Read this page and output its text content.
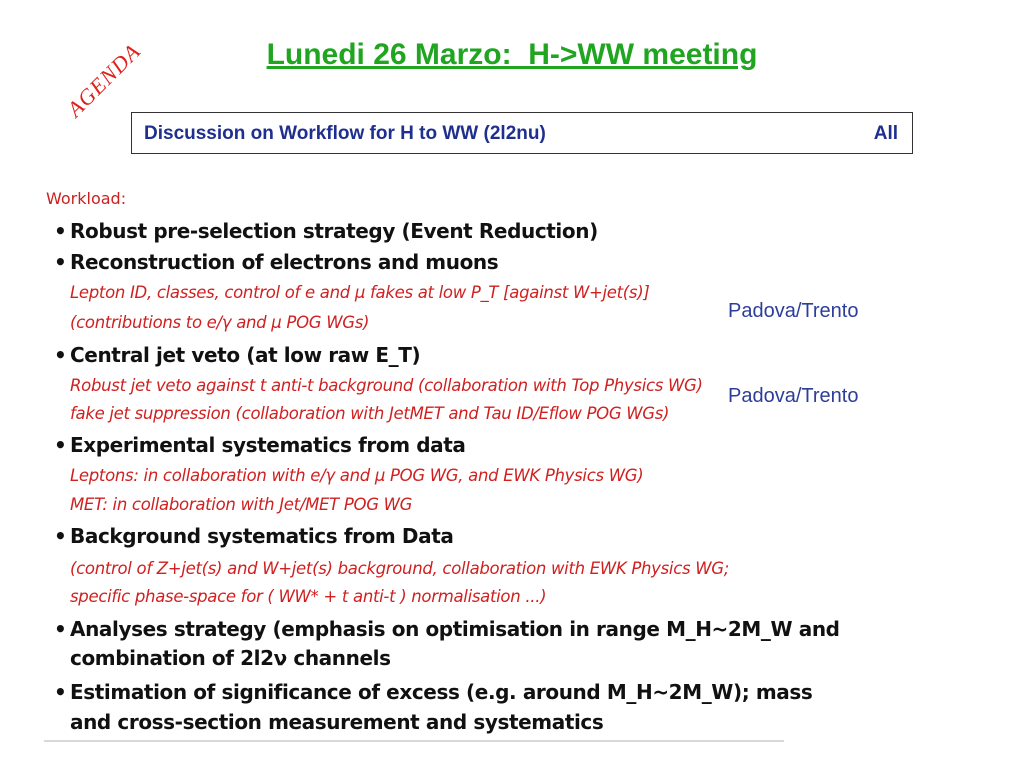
Lunedi 26 Marzo:  H->WW meeting
AGENDA
Discussion on Workflow for H to WW (2l2nu)	All
Workload:
• Robust pre-selection strategy (Event Reduction)
• Reconstruction of electrons and muons
Lepton ID, classes, control of e and μ fakes at low P_T [against W+jet(s)]
(contributions to e/γ and μ POG WGs)
• Central jet veto (at low raw E_T)
Robust jet veto against t anti-t background (collaboration with Top Physics WG)
fake jet suppression (collaboration with JetMET and Tau ID/Eflow POG WGs)
• Experimental systematics from data
Leptons: in collaboration with e/γ and μ POG WG, and EWK Physics WG)
MET: in collaboration with Jet/MET POG WG
• Background systematics from Data
(control of Z+jet(s) and W+jet(s) background, collaboration with EWK Physics WG;
specific phase-space for ( WW* + t anti-t ) normalisation ...)
• Analyses strategy (emphasis on optimisation in range M_H~2M_W and
combination of 2l2ν channels
• Estimation of significance of excess (e.g. around M_H~2M_W); mass
and cross-section measurement and systematics
Padova/Trento
Padova/Trento
